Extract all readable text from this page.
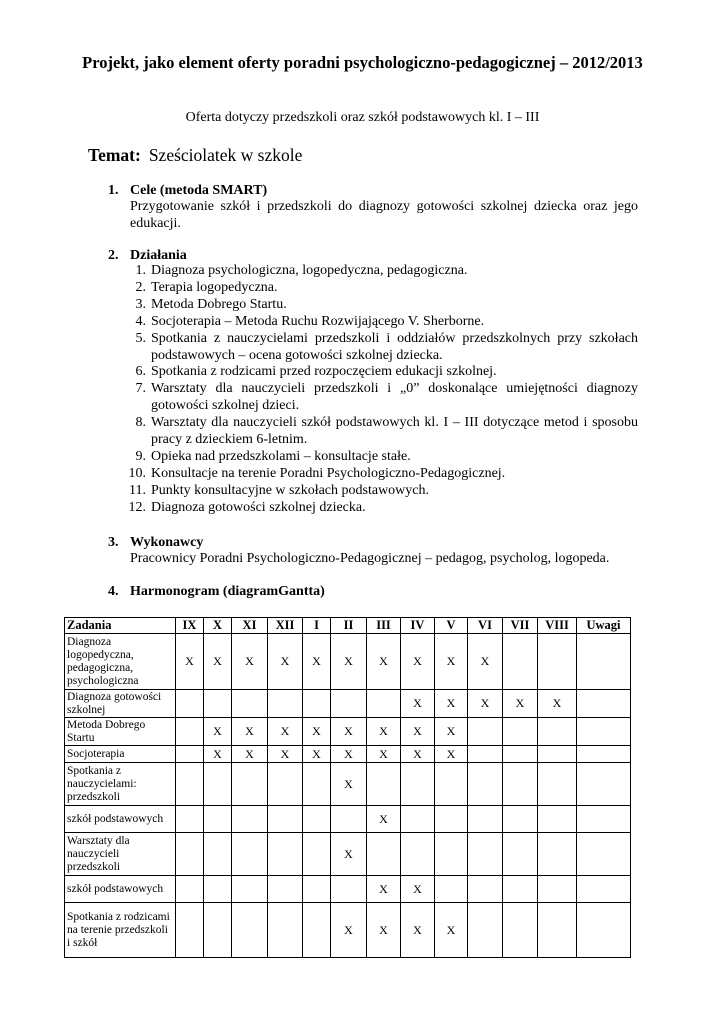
Projekt, jako element oferty poradni psychologiczno-pedagogicznej – 2012/2013
Oferta dotyczy przedszkoli oraz szkół podstawowych kl. I – III
Temat: Sześciolatek w szkole
1. Cele (metoda SMART)
Przygotowanie szkół i przedszkoli do diagnozy gotowości szkolnej dziecka oraz jego edukacji.
2. Działania
1. Diagnoza psychologiczna, logopedyczna, pedagogiczna.
2. Terapia logopedyczna.
3. Metoda Dobrego Startu.
4. Socjoterapia – Metoda Ruchu Rozwijającego V. Sherborne.
5. Spotkania z nauczycielami przedszkoli i oddziałów przedszkolnych przy szkołach podstawowych – ocena gotowości szkolnej dziecka.
6. Spotkania z rodzicami przed rozpoczęciem edukacji szkolnej.
7. Warsztaty dla nauczycieli przedszkoli i „0” doskonalące umiejętności diagnozy gotowości szkolnej dzieci.
8. Warsztaty dla nauczycieli szkół podstawowych kl. I – III dotyczące metod i sposobu pracy z dzieckiem 6-letnim.
9. Opieka nad przedszkolami – konsultacje stałe.
10. Konsultacje na terenie Poradni Psychologiczno-Pedagogicznej.
11. Punkty konsultacyjne w szkołach podstawowych.
12. Diagnoza gotowości szkolnej dziecka.
3. Wykonawcy
Pracownicy Poradni Psychologiczno-Pedagogicznej – pedagog, psycholog, logopeda.
4. Harmonogram (diagramGantta)
Zadania	IX	X	XI	XII	I	II	III	IV	V	VI	VII	VIII	Uwagi
Diagnoza logopedyczna, pedagogiczna, psychologiczna	X	X	X	X	X	X	X	X	X	X			
Diagnoza gotowości szkolnej								X	X	X	X	X	
Metoda Dobrego Startu		X	X	X	X	X	X	X	X				
Socjoterapia		X	X	X	X	X	X	X	X				
Spotkania z nauczycielami: przedszkoli						X							
szkół podstawowych							X						
Warsztaty dla nauczycieli przedszkoli						X							
szkół podstawowych							X	X					
Spotkania z rodzicami na terenie przedszkoli i szkół						X	X	X	X				
